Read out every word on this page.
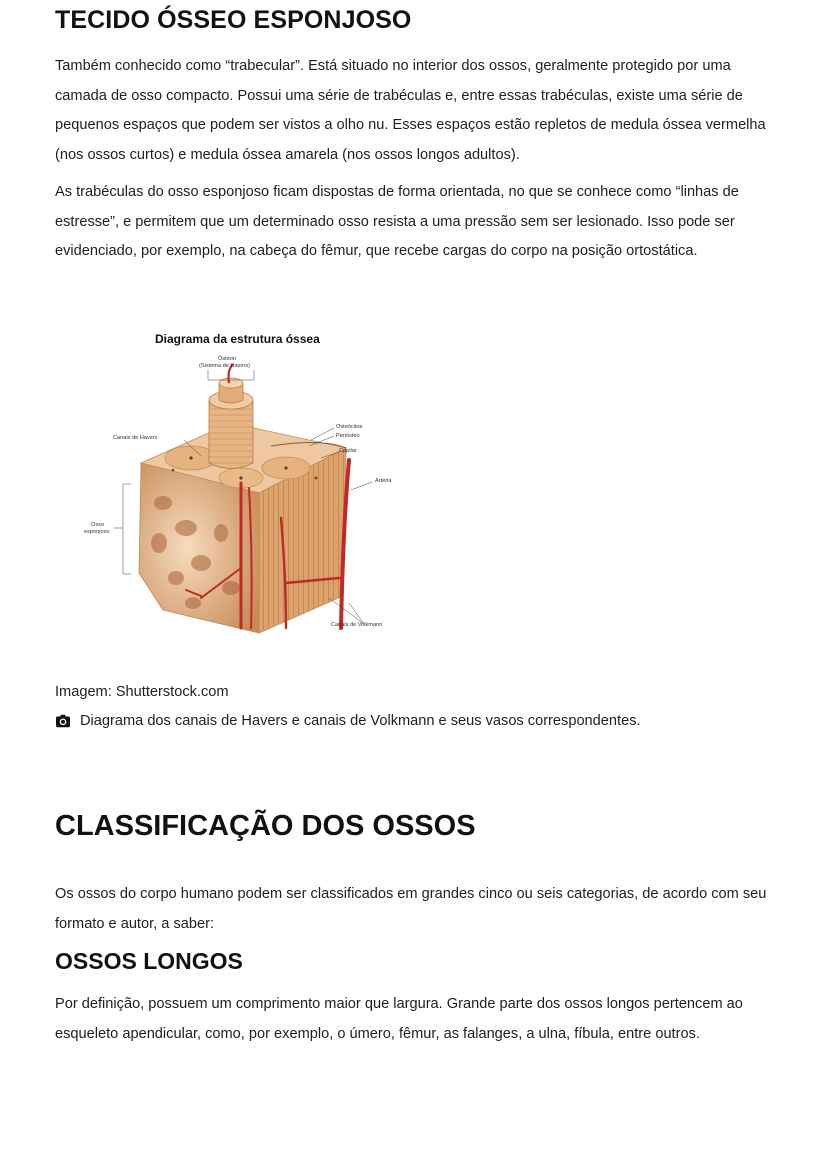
TECIDO ÓSSEO ESPONJOSO

Também conhecido como “trabecular”. Está situado no interior dos ossos, geralmente protegido por uma camada de osso compacto. Possui uma série de trabéculas e, entre essas trabéculas, existe uma série de pequenos espaços que podem ser vistos a olho nu. Esses espaços estão repletos de medula óssea vermelha (nos ossos curtos) e medula óssea amarela (nos ossos longos adultos).

As trabéculas do osso esponjoso ficam dispostas de forma orientada, no que se conhece como “linhas de estresse”, e permitem que um determinado osso resista a uma pressão sem ser lesionado. Isso pode ser evidenciado, por exemplo, na cabeça do fêmur, que recebe cargas do corpo na posição ortostática.

Diagrama da estrutura óssea
Ósteon
(Sistema de Havers)
Osteócitos
Periósteo
Capilar
Artéria
Canais de Havers
Osso
esponjoso
Canais de Volkmann
Imagem: Shutterstock.com
Diagrama dos canais de Havers e canais de Volkmann e seus vasos correspondentes.
CLASSIFICAÇÃO DOS OSSOS

Os ossos do corpo humano podem ser classificados em grandes cinco ou seis categorias, de acordo com seu formato e autor, a saber:

OSSOS LONGOS

Por definição, possuem um comprimento maior que largura. Grande parte dos ossos longos pertencem ao esqueleto apendicular, como, por exemplo, o úmero, fêmur, as falanges, a ulna, fíbula, entre outros.
